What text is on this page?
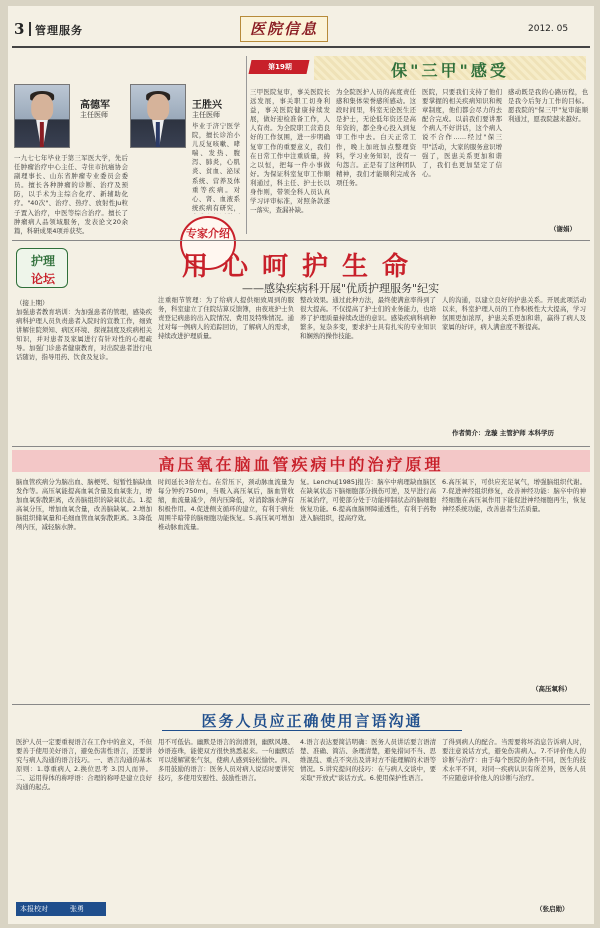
3 管理服务	医院信息	2012. 05
高德军
主任医师
一九七七年毕业于第三军医大学，先后任肿瘤治疗中心主任、寺住市抗癌协会副理事长、山东省肿瘤专业委员会委员。擅长各种肿瘤的诊断、治疗及预防，以手术为主综合化疗、新辅助化疗。"40次"、治疗、热疗、放射性Ju粒子置入治疗，中医等综合治疗。擅长了肿瘤病人品领域服务，发表论文20余篇，科研成果4项并获奖。
王胜兴
主任医师
毕业于济宁医学院，擅长诊治小儿反复咳嗽、哮喘、发热、腹泻、肺炎，心肌炎、贫血、泌尿系统、营养及体重等疾病。对心、肾、血液系统疾病有研究，
专家介绍
第19期	保"三甲"感受
三甲医院复审，事关医院长远发展，事关职工切身利益，事关医院健康持续发展，做好迎检准备工作，人人有责。为全院职工营造良好的工作氛围，进一步明确复审工作的重要意义，我们在日常工作中注重质量，持之以恒，把每一件小事做好。为保证科室复审工作顺利通过，科主任、护士长以身作则，带领全科人员认真学习评审标准，对照条款逐一落实，查漏补缺。
为全院医护人员的高度责任感和集体荣誉感所感动。这段时间里，科室无论医生还是护士，无论低年资还是高年资的，都全身心投入到复审工作中去。白天正常工作，晚上加班加点整理资料，学习业务知识，没有一句怨言。正是有了这种团队精神，我们才能顺利完成各项任务。
医院，只要我们支持了他们要掌握的相关疾病知识和规章制度，他们都会尽力的去配合完成。以前我们要讲那个病人不好讲话，这个病人说不合作……经过"保三甲"活动，大家的服务意识增强了，医患关系更加和谐了，我们也更加坚定了信心。
感动既是我的心路历程，也是我今后努力工作的目标。愿我院的"保三甲"复审能顺利通过，愿我院越来越好。
（谢娟）
护理
论坛	用心呵护生命
——感染疾病科开展"优质护理服务"纪实
（接上期）
加强患者教育培训：为加强患者的管理，感染疾病科护理人员负责患者入院时的宣教工作，细致讲解住院须知、病区环境、探视制度及疾病相关知识，并对患者及家属进行有针对性的心理疏导。加强门诊患者健康教育，对出院患者进行电话随访，指导用药、饮食及复诊。
注重细节管理：为了给病人提供细致周到的服务，科室建立了住院结算反馈簿，由夜班护士负责登记病患的出入院情况、费用及特殊情况。通过对每一例病人的追踪回访，了解病人的需求，持续改进护理质量。
整改效果。通过此种方法，最终使满意率得到了很大提高。不仅提高了护士们的业务能力，也培养了护理质量持续改进的意识。感染疾病科病种繁多，复杂多变，要求护士具有扎实的专业知识和娴熟的操作技能。
人的沟通，以建立良好的护患关系。开展此项活动以来，科室护理人员的工作积极性大大提高，学习氛围更加浓厚，护患关系更加和谐，赢得了病人及家属的好评，病人满意度不断提高。
作者简介：龙璇 主管护师 本科学历
高压氧在脑血管疾病中的治疗原理
脑血管疾病分为脑出血、脑梗死、短暂性脑缺血发作等。高压氧能提高血氧含量及血氧张力，增加血氧弥散距离，改善脑组织的缺氧状态。1.提高氧分压，增加血氧含量，改善脑缺氧。2.增加脑组织储氧量和毛细血管血氧弥散距离。3.降低颅内压，减轻脑水肿。
时间延长3倍左右。在常压下，颈动脉血流量为每分钟约750ml，当吸入高压氧后，脑血管收缩，血流量减少，颅内压降低，对消除脑水肿有积极作用。4.促进侧支循环的建立，有利于病灶周围半暗带的脑细胞功能恢复。5.高压氧可增加椎动脉血流量。
复。Lenchu[1985]报告：脑卒中病理缺血脑区在缺氧状态下脑细胞部分损伤可逆，及早进行高压氧治疗，可使部分处于功能抑制状态的脑细胞恢复功能。6.提高血脑屏障通透性，有利于药物进入脑组织，提高疗效。
6.高压氧下，可供应充足氧气，增强脑组织代谢。7.促进神经组织修复，改善神经功能：脑卒中的神经细胞在高压氧作用下能促进神经细胞再生，恢复神经系统功能，改善患者生活质量。
（高压氧科）
医务人员应正确使用言语沟通
医护人员一定要重视语言在工作中的意义，不但要善于使用美好语言，避免伤害性语言，还要讲究与病人沟通的语言技巧。一、语言沟通的基本原则：1.尊重病人 2.换位思考 3.因人而异。二、运用得体的称呼语：合理的称呼是建立良好沟通的起点。
用不可低估。幽默是语言的润滑剂，幽默风趣、妙语连珠，能使双方很快熟悉起来。一句幽默话可以缓解紧张气氛，使病人感到轻松愉快。四、多用鼓励的语言：医务人员对病人说话时要讲究技巧，多使用安慰性、鼓励性语言。
4.语言表达要简洁明确：医务人员讲话要言语清楚、准确、简洁、条理清楚，避免措词不当、思维混乱、重点不突出及讲对方不能理解的术语等情况。5.讲究提问的技巧：在与病人交谈中，要采取"开放式"谈话方式。6.使用保护性语言。
了得到病人的配合。当需要将坏消息告诉病人时，要注意说话方式，避免伤害病人。7.不评价他人的诊断与治疗：由于每个医院的条件不同，医生的技术水平不同，对同一疾病认识有所差异，医务人员不应随意评价他人的诊断与治疗。
（张启勋）
本报校对	张勇
